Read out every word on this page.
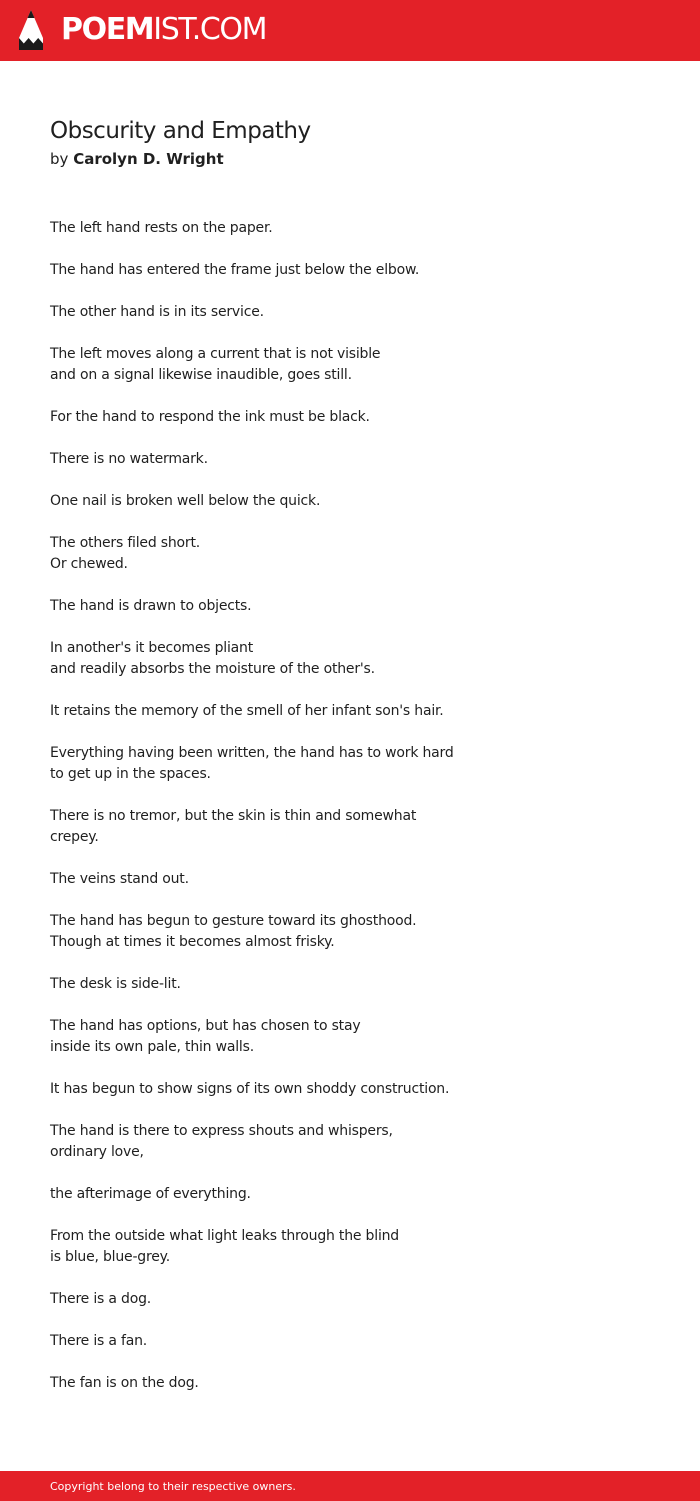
POEMIST.COM
Obscurity and Empathy
by Carolyn D. Wright
The left hand rests on the paper.
The hand has entered the frame just below the elbow.
The other hand is in its service.
The left moves along a current that is not visible
and on a signal likewise inaudible, goes still.
For the hand to respond the ink must be black.
There is no watermark.
One nail is broken well below the quick.
The others filed short.
Or chewed.
The hand is drawn to objects.
In another's it becomes pliant
and readily absorbs the moisture of the other's.
It retains the memory of the smell of her infant son's hair.
Everything having been written, the hand has to work hard
to get up in the spaces.
There is no tremor, but the skin is thin and somewhat
crepey.
The veins stand out.
The hand has begun to gesture toward its ghosthood.
Though at times it becomes almost frisky.
The desk is side-lit.
The hand has options, but has chosen to stay
inside its own pale, thin walls.
It has begun to show signs of its own shoddy construction.
The hand is there to express shouts and whispers,
ordinary love,
the afterimage of everything.
From the outside what light leaks through the blind
is blue, blue-grey.
There is a dog.
There is a fan.
The fan is on the dog.
Copyright belong to their respective owners.
